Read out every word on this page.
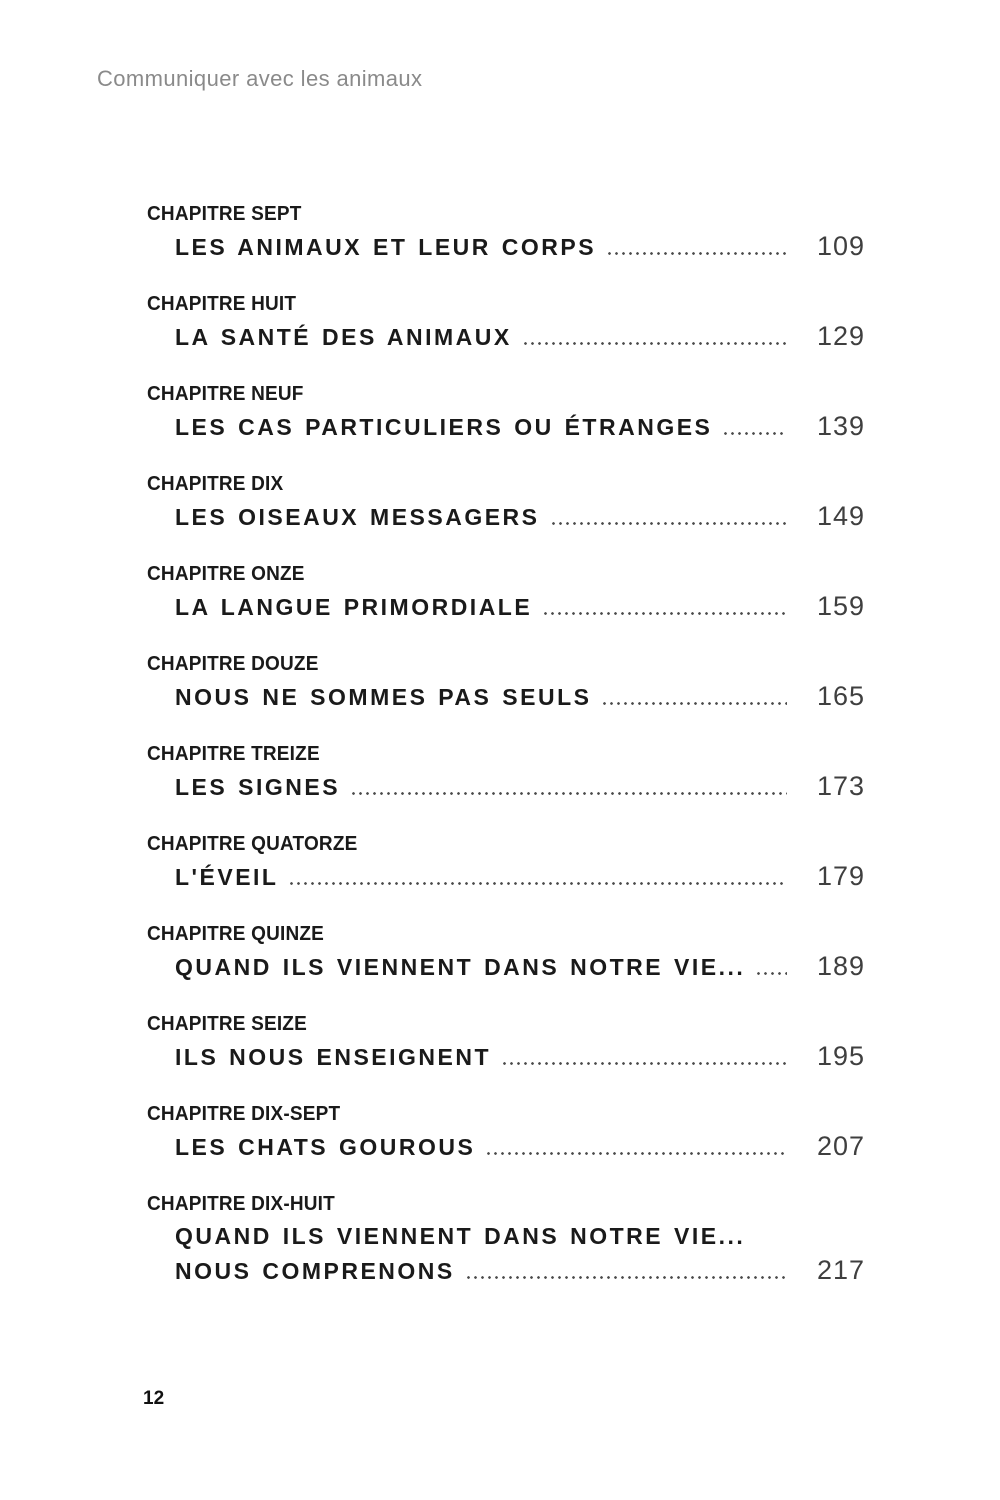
Communiquer avec les animaux
CHAPITRE SEPT
LES ANIMAUX ET LEUR CORPS	109
CHAPITRE HUIT
LA SANTÉ DES ANIMAUX	129
CHAPITRE NEUF
LES CAS PARTICULIERS OU ÉTRANGES	139
CHAPITRE DIX
LES OISEAUX MESSAGERS	149
CHAPITRE ONZE
LA LANGUE PRIMORDIALE	159
CHAPITRE DOUZE
NOUS NE SOMMES PAS SEULS	165
CHAPITRE TREIZE
LES SIGNES	173
CHAPITRE QUATORZE
L'ÉVEIL	179
CHAPITRE QUINZE
QUAND ILS VIENNENT DANS NOTRE VIE...	189
CHAPITRE SEIZE
ILS NOUS ENSEIGNENT	195
CHAPITRE DIX-SEPT
LES CHATS GOUROUS	207
CHAPITRE DIX-HUIT
QUAND ILS VIENNENT DANS NOTRE VIE...
NOUS COMPRENONS	217
12
